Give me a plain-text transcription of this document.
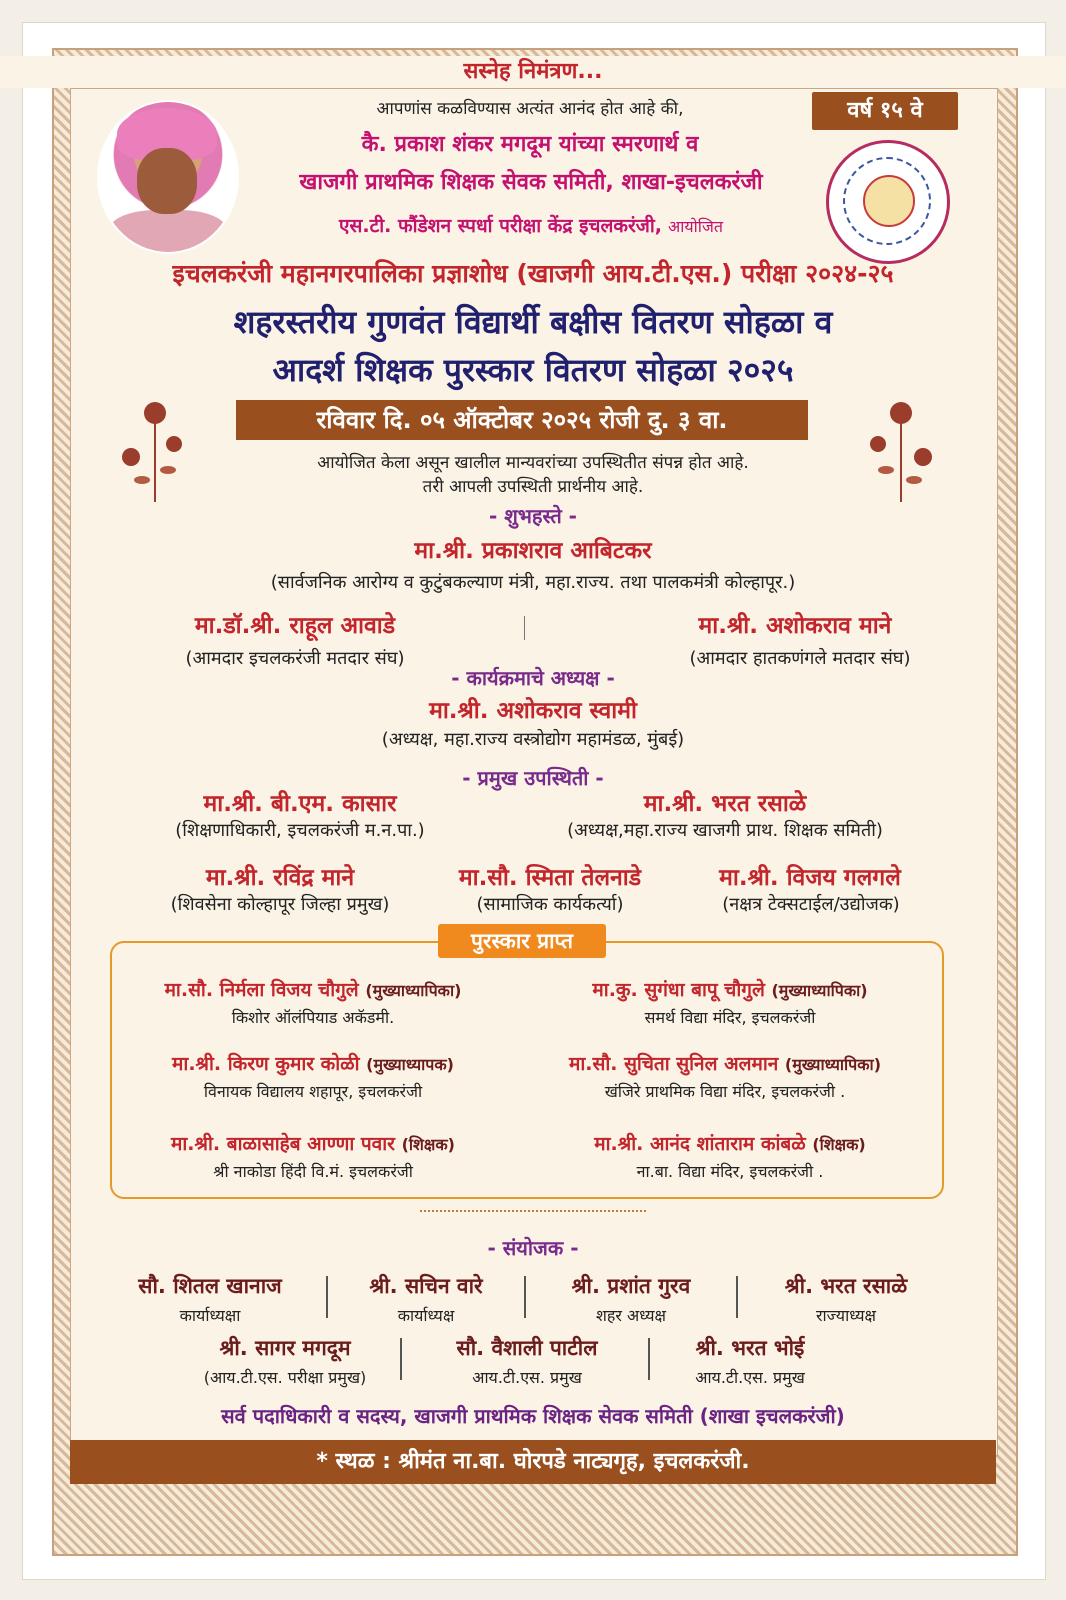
सस्नेह निमंत्रण...
वर्ष १५ वे
आपणांस कळविण्यास अत्यंत आनंद होत आहे की,
कै. प्रकाश शंकर मगदूम यांच्या स्मरणार्थ व
खाजगी प्राथमिक शिक्षक सेवक समिती, शाखा-इचलकरंजी
एस.टी. फौंडेशन स्पर्धा परीक्षा केंद्र इचलकरंजी, आयोजित
इचलकरंजी महानगरपालिका प्रज्ञाशोध (खाजगी आय.टी.एस.) परीक्षा २०२४-२५
शहरस्तरीय गुणवंत विद्यार्थी बक्षीस वितरण सोहळा व
आदर्श शिक्षक पुरस्कार वितरण सोहळा २०२५
रविवार दि. ०५ ऑक्टोबर २०२५ रोजी दु. ३ वा.
आयोजित केला असून खालील मान्यवरांच्या उपस्थितीत संपन्न होत आहे.
तरी आपली उपस्थिती प्रार्थनीय आहे.
- शुभहस्ते -
मा.श्री. प्रकाशराव आबिटकर
(सार्वजनिक आरोग्य व कुटुंबकल्याण मंत्री, महा.राज्य. तथा पालकमंत्री कोल्हापूर.)
मा.डॉ.श्री. राहूल आवाडे
(आमदार इचलकरंजी मतदार संघ)
मा.श्री. अशोकराव माने
(आमदार हातकणंगले मतदार संघ)
- कार्यक्रमाचे अध्यक्ष -
मा.श्री. अशोकराव स्वामी
(अध्यक्ष, महा.राज्य वस्त्रोद्योग महामंडळ, मुंबई)
- प्रमुख उपस्थिती -
मा.श्री. बी.एम. कासार
(शिक्षणाधिकारी, इचलकरंजी म.न.पा.)
मा.श्री. भरत रसाळे
(अध्यक्ष,महा.राज्य खाजगी प्राथ. शिक्षक समिती)
मा.श्री. रविंद्र माने
(शिवसेना कोल्हापूर जिल्हा प्रमुख)
मा.सौ. स्मिता तेलनाडे
(सामाजिक कार्यकर्त्या)
मा.श्री. विजय गलगले
(नक्षत्र टेक्सटाईल/उद्योजक)
पुरस्कार प्राप्त
मा.सौ. निर्मला विजय चौगुले (मुख्याध्यापिका)
किशोर ऑलंपियाड अकॅडमी.
मा.कु. सुगंधा बापू चौगुले (मुख्याध्यापिका)
समर्थ विद्या मंदिर, इचलकरंजी
मा.श्री. किरण कुमार कोळी (मुख्याध्यापक)
विनायक विद्यालय शहापूर, इचलकरंजी
मा.सौ. सुचिता सुनिल अलमान (मुख्याध्यापिका)
खंजिरे प्राथमिक विद्या मंदिर, इचलकरंजी .
मा.श्री. बाळासाहेब आण्णा पवार (शिक्षक)
श्री नाकोडा हिंदी वि.मं. इचलकरंजी
मा.श्री. आनंद शांताराम कांबळे (शिक्षक)
ना.बा. विद्या मंदिर, इचलकरंजी .
- संयोजक -
सौ. शितल खानाज
कार्याध्यक्षा
श्री. सचिन वारे
कार्याध्यक्ष
श्री. प्रशांत गुरव
शहर अध्यक्ष
श्री. भरत रसाळे
राज्याध्यक्ष
श्री. सागर मगदूम
(आय.टी.एस. परीक्षा प्रमुख)
सौ. वैशाली पाटील
आय.टी.एस. प्रमुख
श्री. भरत भोई
आय.टी.एस. प्रमुख
सर्व पदाधिकारी व सदस्य, खाजगी प्राथमिक शिक्षक सेवक समिती (शाखा इचलकरंजी)
* स्थळ : श्रीमंत ना.बा. घोरपडे नाट्यगृह, इचलकरंजी.
